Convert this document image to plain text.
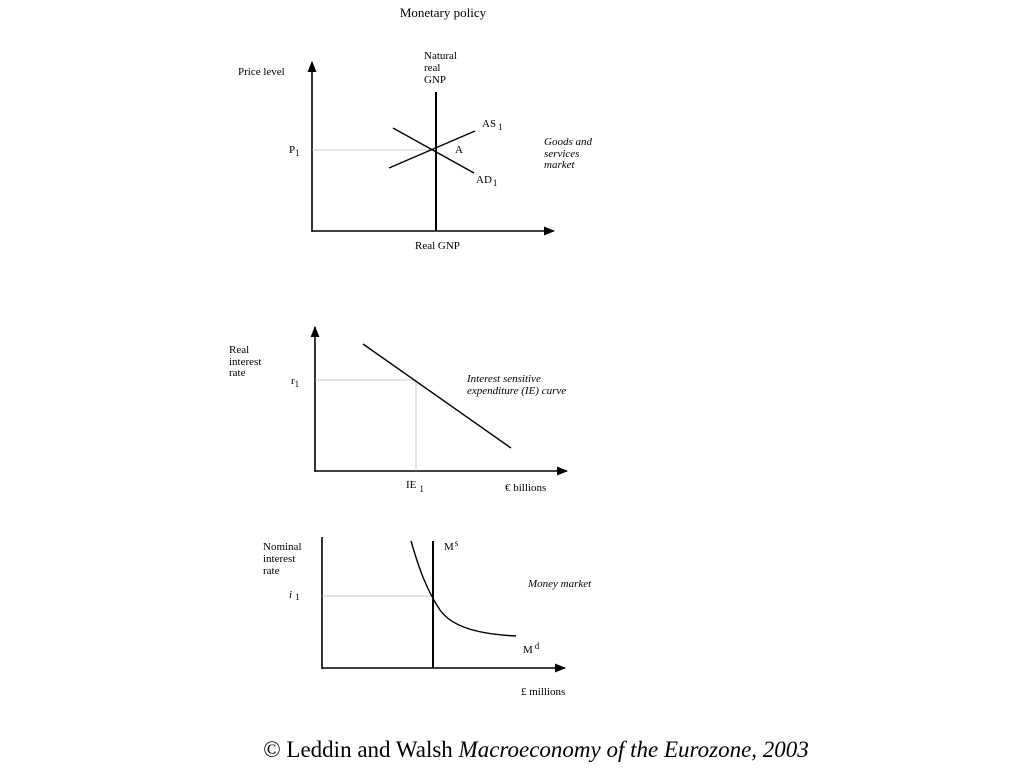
Monetary policy
Price level
Natural real GNP
AS $_1$
A
$AD_1$
$P_1$
Real GNP
Goods and services market
Real interest rate
$r_1$	Interest sensitive expenditure (IE) curve
IE $_1$	€ billions
Nominal interest rate
i 1
$M^s$
Money market
M $^d$
£ millions
© Leddin and Walsh Macroeconomy of the Eurozone, 2003
